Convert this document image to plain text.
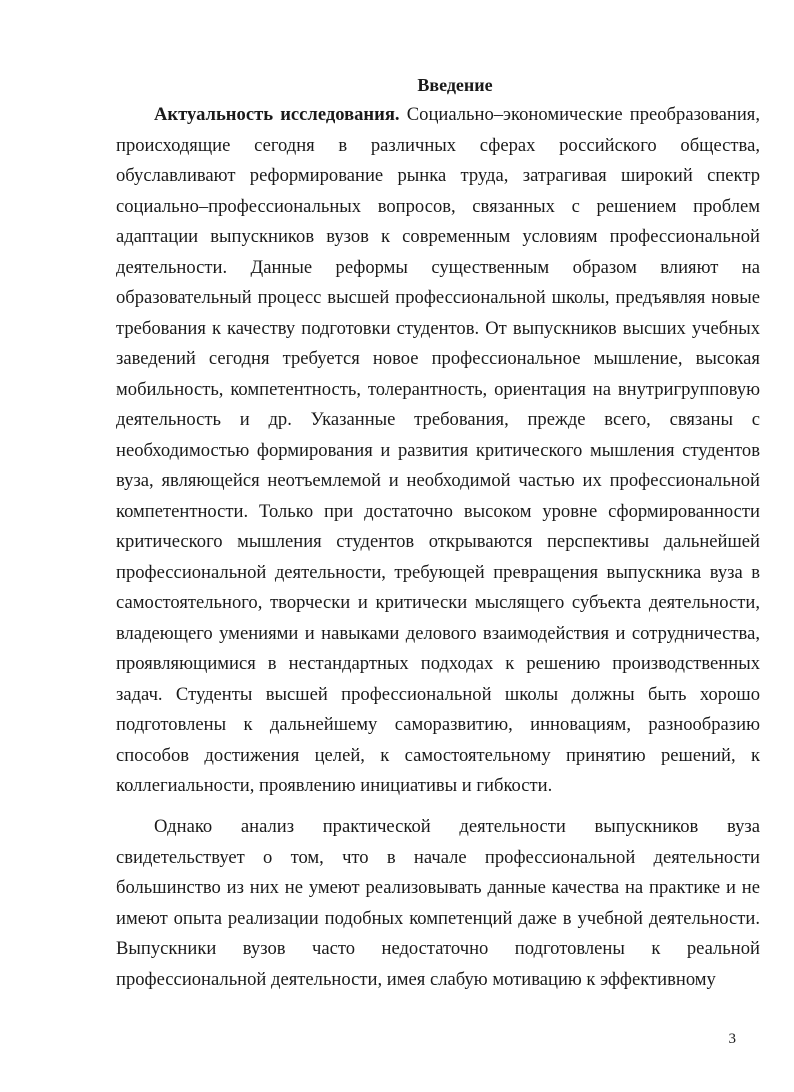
Введение

Актуальность исследования. Социально–экономические преобразования, происходящие сегодня в различных сферах российского общества, обуславливают реформирование рынка труда, затрагивая широкий спектр социально–профессиональных вопросов, связанных с решением проблем адаптации выпускников вузов к современным условиям профессиональной деятельности. Данные реформы существенным образом влияют на образовательный процесс высшей профессиональной школы, предъявляя новые требования к качеству подготовки студентов. От выпускников высших учебных заведений сегодня требуется новое профессиональное мышление, высокая мобильность, компетентность, толерантность, ориентация на внутригрупповую деятельность и др. Указанные требования, прежде всего, связаны с необходимостью формирования и развития критического мышления студентов вуза, являющейся неотъемлемой и необходимой частью их профессиональной компетентности. Только при достаточно высоком уровне сформированности критического мышления студентов открываются перспективы дальнейшей профессиональной деятельности, требующей превращения выпускника вуза в самостоятельного, творчески и критически мыслящего субъекта деятельности, владеющего умениями и навыками делового взаимодействия и сотрудничества, проявляющимися в нестандартных подходах к решению производственных задач. Студенты высшей профессиональной школы должны быть хорошо подготовлены к дальнейшему саморазвитию, инновациям, разнообразию способов достижения целей, к самостоятельному принятию решений, к коллегиальности, проявлению инициативы и гибкости.

Однако анализ практической деятельности выпускников вуза свидетельствует о том, что в начале профессиональной деятельности большинство из них не умеют реализовывать данные качества на практике и не имеют опыта реализации подобных компетенций даже в учебной деятельности. Выпускники вузов часто недостаточно подготовлены к реальной профессиональной деятельности, имея слабую мотивацию к эффективному

3
